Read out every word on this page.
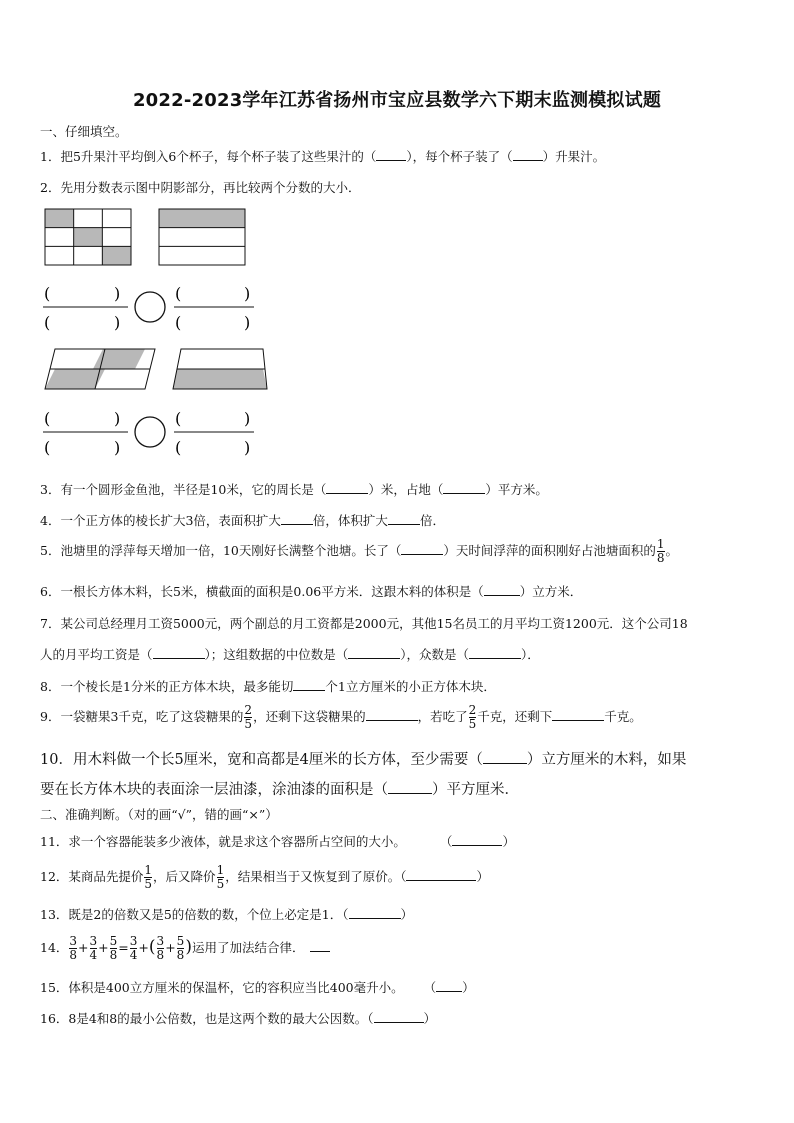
2022-2023学年江苏省扬州市宝应县数学六下期末监测模拟试题
一、仔细填空。
1．把5升果汁平均倒入6个杯子，每个杯子装了这些果汁的（ ），每个杯子装了（ ）升果汁。
2．先用分数表示图中阴影部分，再比较两个分数的大小．
(	)
(	)
(	)
(	)
(	)
(	)
(	)
(	)
3．有一个圆形金鱼池，半径是10米，它的周长是（	）米，占地（	）平方米。
4．一个正方体的棱长扩大3倍，表面积扩大	倍，体积扩大	倍．
5．池塘里的浮萍每天增加一倍，10天刚好长满整个池塘。长了（	）天时间浮萍的面积刚好占池塘面积的 $\frac{1}{8}$ 。
6．一根长方体木料，长5米，横截面的面积是0.06平方米．这跟木料的体积是（	）立方米．
7．某公司总经理月工资5000元，两个副总的月工资都是2000元，其他15名员工的月平均工资1200元．这个公司18
人的月平均工资是（	）；这组数据的中位数是（	），众数是（	）．
8．一个棱长是1分米的正方体木块，最多能切	个1立方厘米的小正方体木块．
9．一袋糖果3千克，吃了这袋糖果的 $\frac{2}{5}$ ，还剩下这袋糖果的	，若吃了 $\frac{2}{5}$ 千克，还剩下	千克。
10．用木料做一个长5厘米，宽和高都是4厘米的长方体，至少需要（	）立方厘米的木料，如果
要在长方体木块的表面涂一层油漆，涂油漆的面积是（	）平方厘米．
二、准确判断。（对的画“√”，错的画“×”）
11．求一个容器能装多少液体，就是求这个容器所占空间的大小。	（	）
12．某商品先提价 $\frac{1}{5}$ ，后又降价 $\frac{1}{5}$ ，结果相当于又恢复到了原价。（	）
13．既是2的倍数又是5的倍数的数，个位上必定是1．（	）
14． $\frac{3}{8} + \frac{3}{4} + \frac{5}{8} = \frac{3}{4}$ +( $\frac{3}{8} + \frac{5}{8}$ )运用了加法结合律．
15．体积是400立方厘米的保温杯，它的容积应当比400毫升小。 （ ）
16．8是4和8的最小公倍数，也是这两个数的最大公因数。（	）
